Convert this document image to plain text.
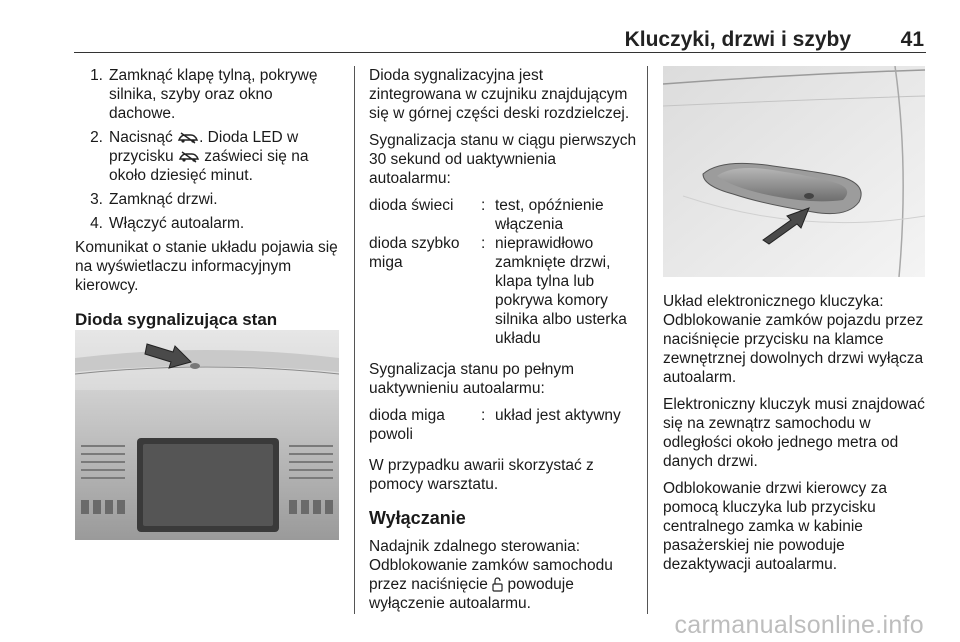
Kluczyki, drzwi i szyby 41
1. Zamknąć klapę tylną, pokrywę silnika, szyby oraz okno dachowe.
2. Nacisnąć . Dioda LED w przycisku  zaświeci się na około dziesięć minut.
3. Zamknąć drzwi.
4. Włączyć autoalarm.

Komunikat o stanie układu pojawia się na wyświetlaczu informacyjnym kierowcy.

Dioda sygnalizująca stan

Dioda sygnalizacyjna jest zintegrowana w czujniku znajdującym się w górnej części deski rozdzielczej.

Sygnalizacja stanu w ciągu pierwszych 30 sekund od uaktywnienia autoalarmu:

dioda świeci	: test, opóźnienie włączenia
dioda szybko miga
: nieprawidłowo zamknięte drzwi, klapa tylna lub pokrywa komory silnika albo usterka układu

Sygnalizacja stanu po pełnym uaktywnieniu autoalarmu:

dioda miga powoli
: układ jest aktywny

W przypadku awarii skorzystać z pomocy warsztatu.

Wyłączanie

Nadajnik zdalnego sterowania: Odblokowanie zamków samochodu przez naciśnięcie  powoduje wyłączenie autoalarmu.

Układ elektronicznego kluczyka: Odblokowanie zamków pojazdu przez naciśnięcie przycisku na klamce zewnętrznej dowolnych drzwi wyłącza autoalarm.

Elektroniczny kluczyk musi znajdować się na zewnątrz samochodu w odległości około jednego metra od danych drzwi.

Odblokowanie drzwi kierowcy za pomocą kluczyka lub przycisku centralnego zamka w kabinie pasażerskiej nie powoduje dezaktywacji autoalarmu.

carmanualsonline.info
